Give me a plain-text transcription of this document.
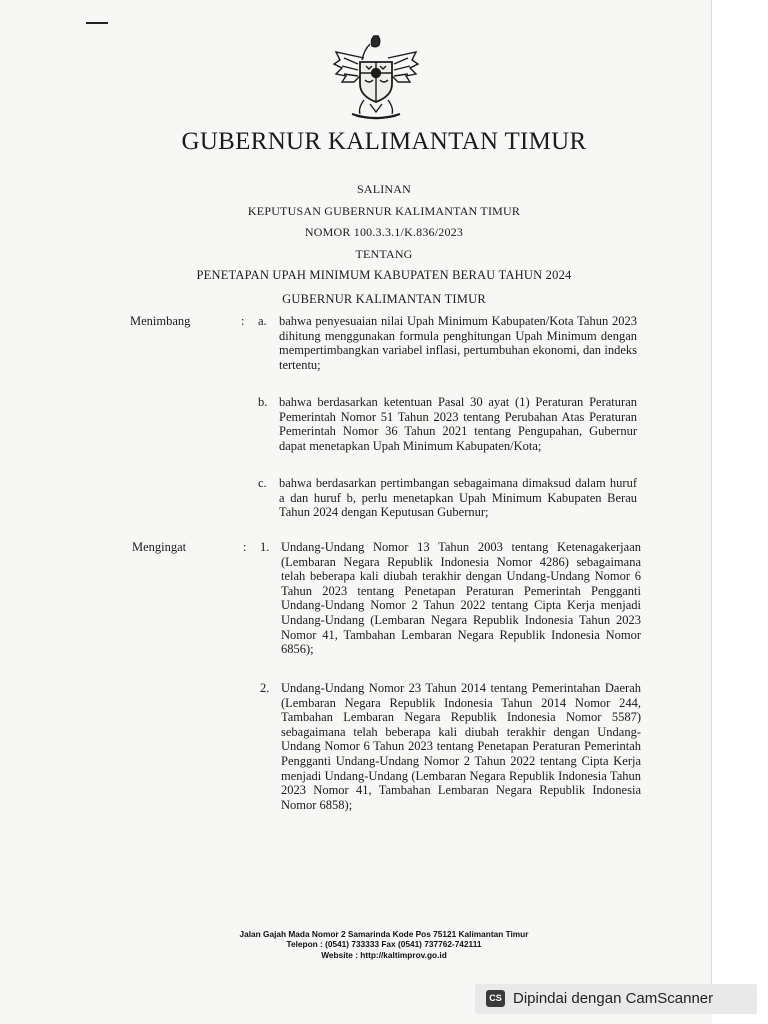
GUBERNUR KALIMANTAN TIMUR
SALINAN
KEPUTUSAN GUBERNUR KALIMANTAN TIMUR
NOMOR 100.3.3.1/K.836/2023
TENTANG
PENETAPAN UPAH MINIMUM KABUPATEN BERAU TAHUN 2024
GUBERNUR KALIMANTAN TIMUR
Menimbang	: a. bahwa penyesuaian nilai Upah Minimum Kabupaten/Kota Tahun 2023 dihitung menggunakan formula penghitungan Upah Minimum dengan mempertimbangkan variabel inflasi, pertumbuhan ekonomi, dan indeks tertentu;
b. bahwa berdasarkan ketentuan Pasal 30 ayat (1) Peraturan Peraturan Pemerintah Nomor 51 Tahun 2023 tentang Perubahan Atas Peraturan Pemerintah Nomor 36 Tahun 2021 tentang Pengupahan, Gubernur dapat menetapkan Upah Minimum Kabupaten/Kota;
c. bahwa berdasarkan pertimbangan sebagaimana dimaksud dalam huruf a dan huruf b, perlu menetapkan Upah Minimum Kabupaten Berau Tahun 2024 dengan Keputusan Gubernur;
Mengingat	: 1. Undang-Undang Nomor 13 Tahun 2003 tentang Ketenagakerjaan (Lembaran Negara Republik Indonesia Nomor 4286) sebagaimana telah beberapa kali diubah terakhir dengan Undang-Undang Nomor 6 Tahun 2023 tentang Penetapan Peraturan Pemerintah Pengganti Undang-Undang Nomor 2 Tahun 2022 tentang Cipta Kerja menjadi Undang-Undang (Lembaran Negara Republik Indonesia Tahun 2023 Nomor 41, Tambahan Lembaran Negara Republik Indonesia Nomor 6856);
2. Undang-Undang Nomor 23 Tahun 2014 tentang Pemerintahan Daerah (Lembaran Negara Republik Indonesia Tahun 2014 Nomor 244, Tambahan Lembaran Negara Republik Indonesia Nomor 5587) sebagaimana telah beberapa kali diubah terakhir dengan Undang-Undang Nomor 6 Tahun 2023 tentang Penetapan Peraturan Pemerintah Pengganti Undang-Undang Nomor 2 Tahun 2022 tentang Cipta Kerja menjadi Undang-Undang (Lembaran Negara Republik Indonesia Tahun 2023 Nomor 41, Tambahan Lembaran Negara Republik Indonesia Nomor 6858);
Jalan Gajah Mada Nomor 2 Samarinda Kode Pos 75121 Kalimantan Timur
Telepon : (0541) 733333 Fax (0541) 737762-742111
Website : http://kaltimprov.go.id
CS Dipindai dengan CamScanner
